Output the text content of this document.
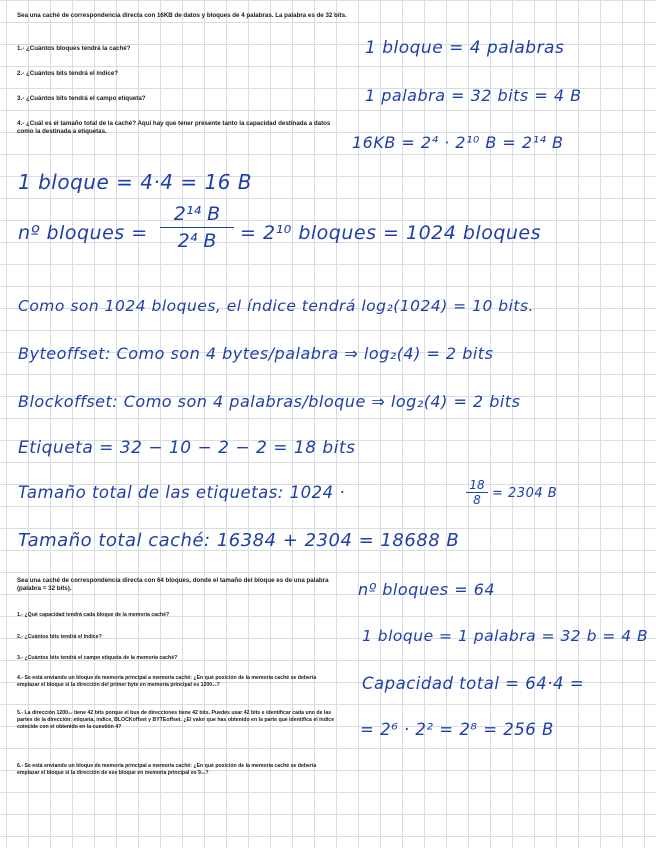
Sea una caché de correspondencia directa con 16KB de datos y bloques de 4 palabras. La palabra es de 32 bits.

1.- ¿Cuántos bloques tendrá la caché?

2.- ¿Cuántos bits tendrá el índice?

3.- ¿Cuántos bits tendrá el campo etiqueta?

4.- ¿Cuál es el tamaño total de la caché? Aquí hay que tener presente tanto la capacidad destinada a datos como la destinada a etiquetas.

1 bloque = 4 palabras

1 palabra = 32 bits = 4 B

16KB = 2⁴ · 2¹⁰ B = 2¹⁴ B

1 bloque = 4·4 = 16 B

nº bloques =

2¹⁴ B
2⁴ B	= 2¹⁰ bloques = 1024 bloques

Como son 1024 bloques, el índice tendrá log₂(1024) = 10 bits.

Byteoffset: Como son 4 bytes/palabra ⇒ log₂(4) = 2 bits

Blockoffset: Como son 4 palabras/bloque ⇒ log₂(4) = 2 bits

Etiqueta = 32 − 10 − 2 − 2 = 18 bits

Tamaño total de las etiquetas: 1024 ·	18
8 = 2304 B

Tamaño total caché: 16384 + 2304 = 18688 B

Sea una caché de correspondencia directa con 64 bloques, donde el tamaño del bloque es de una palabra (palabra = 32 bits).

1.- ¿Qué capacidad tendrá cada bloque de la memoria caché?

2.- ¿Cuántos bits tendrá el índice?

3.- ¿Cuántos bits tendrá el campo etiqueta de la memoria caché?

4.- Se está enviando un bloque de memoria principal a memoria caché: ¿En qué posición de la memoria caché se debería emplazar el bloque si la dirección del primer byte en memoria principal es 1200₁₀?

5.- La dirección 1200₁₀ tiene 42 bits porque el bus de direcciones tiene 42 bits. Puedes usar 42 bits e identificar cada uno de las partes de la dirección: etiqueta, índice, BLOCKoffset y BYTEoffset. ¿El valor que has obtenido en la parte que identifica el índice coincide con el obtenido en la cuestión 4?

6.- Se está enviando un bloque de memoria principal a memoria caché: ¿En qué posición de la memoria caché se debería emplazar el bloque si la dirección de ese bloque en memoria principal es 9₁₀?

nº bloques = 64

1 bloque = 1 palabra = 32 b = 4 B

Capacidad total = 64·4 =

= 2⁶ · 2² = 2⁸ = 256 B
